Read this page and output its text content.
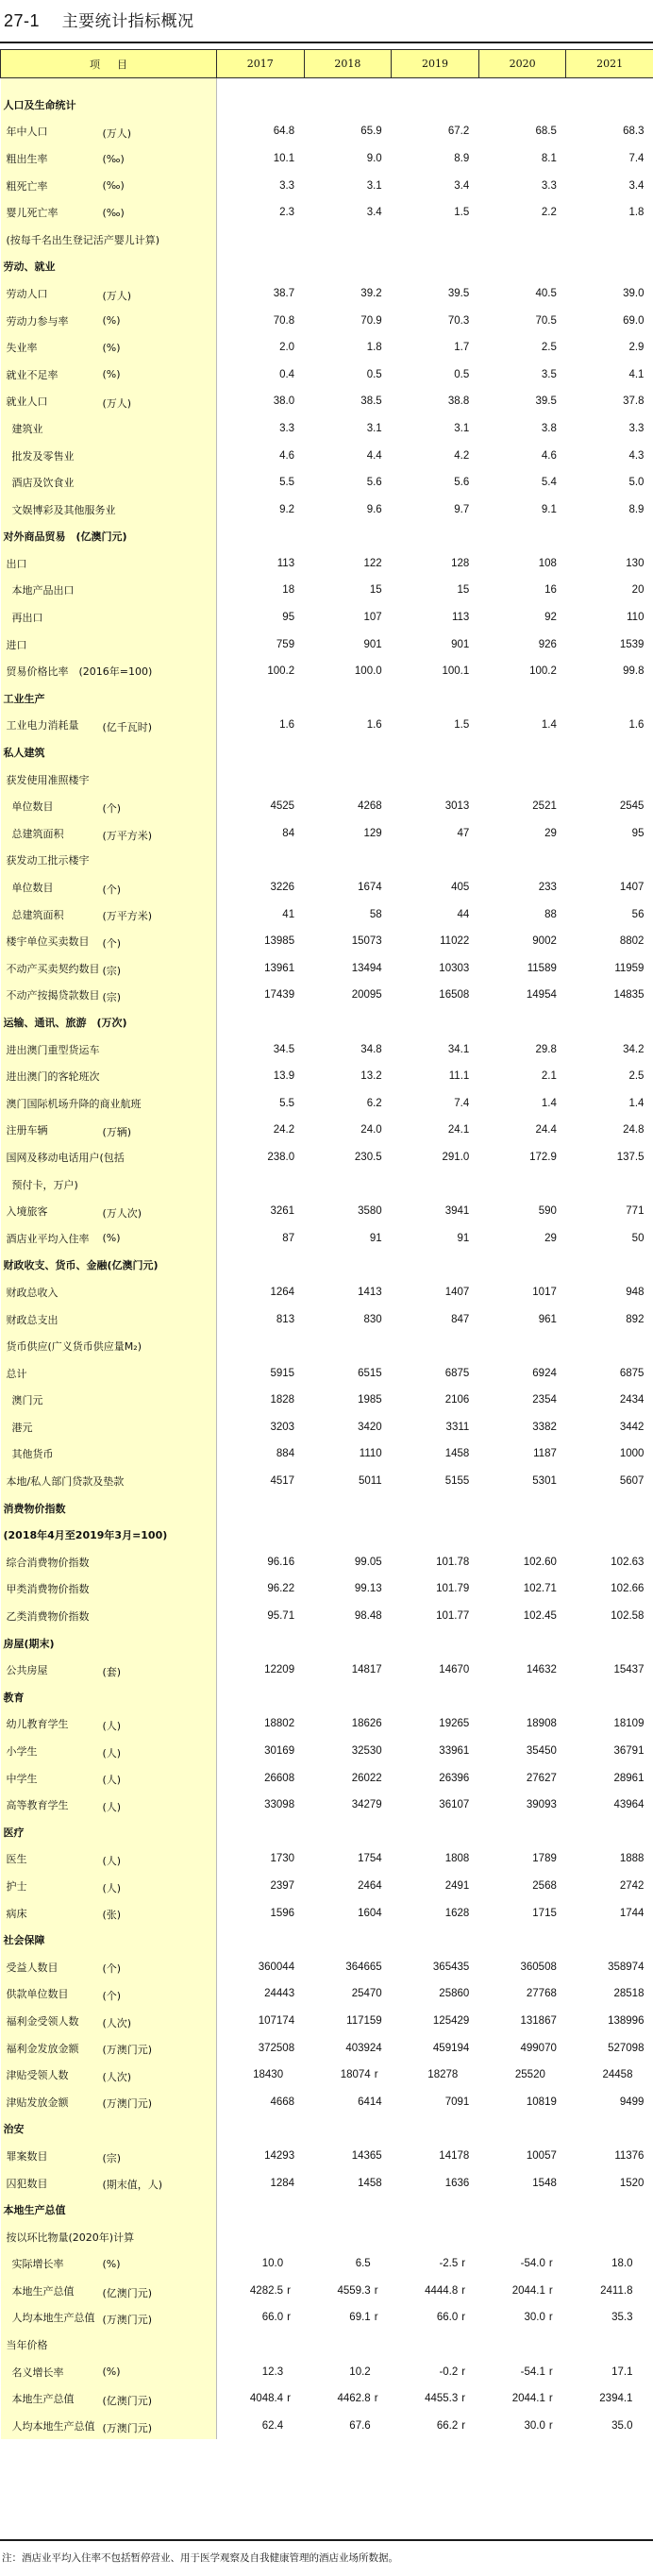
27-1 主要统计指标概况
项目	2017	2018	2019	2020	2021

人口及生命统计					
年中人口 (万人)	64.8	65.9	67.2	68.5	68.3
粗出生率 (‰)	10.1	9.0	8.9	8.1	7.4
粗死亡率 (‰)	3.3	3.1	3.4	3.3	3.4
婴儿死亡率 (‰)	2.3	3.4	1.5	2.2	1.8
(按每千名出生登记活产婴儿计算)					
劳动、就业					
劳动人口 (万人)	38.7	39.2	39.5	40.5	39.0
劳动力参与率 (%)	70.8	70.9	70.3	70.5	69.0
失业率 (%)	2.0	1.8	1.7	2.5	2.9
就业不足率 (%)	0.4	0.5	0.5	3.5	4.1
就业人口 (万人)	38.0	38.5	38.8	39.5	37.8
建筑业	3.3	3.1	3.1	3.8	3.3
批发及零售业	4.6	4.4	4.2	4.6	4.3
酒店及饮食业	5.5	5.6	5.6	5.4	5.0
文娱博彩及其他服务业	9.2	9.6	9.7	9.1	8.9
对外商品贸易　(亿澳门元)					
出口	113	122	128	108	130
本地产品出口	18	15	15	16	20
再出口	95	107	113	92	110
进口	759	901	901	926	1539
贸易价格比率　(2016年=100)	100.2	100.0	100.1	100.2	99.8
工业生产					
工业电力消耗量 (亿千瓦时)	1.6	1.6	1.5	1.4	1.6
私人建筑					
获发使用准照楼宇					
单位数目 (个)	4525	4268	3013	2521	2545
总建筑面积 (万平方米)	84	129	47	29	95
获发动工批示楼宇					
单位数目 (个)	3226	1674	405	233	1407
总建筑面积 (万平方米)	41	58	44	88	56
楼宇单位买卖数目 (个)	13985	15073	11022	9002	8802
不动产买卖契约数目 (宗)	13961	13494	10303	11589	11959
不动产按揭贷款数目 (宗)	17439	20095	16508	14954	14835
运输、通讯、旅游　(万次)					
进出澳门重型货运车	34.5	34.8	34.1	29.8	34.2
进出澳门的客轮班次	13.9	13.2	11.1	2.1	2.5
澳门国际机场升降的商业航班	5.5	6.2	7.4	1.4	1.4
注册车辆 (万辆)	24.2	24.0	24.1	24.4	24.8
国网及移动电话用户(包括	238.0	230.5	291.0	172.9	137.5
预付卡，万户)					
入境旅客 (万人次)	3261	3580	3941	590	771
酒店业平均入住率 (%)	87	91	91	29	50
财政收支、货币、金融(亿澳门元)					
财政总收入	1264	1413	1407	1017	948
财政总支出	813	830	847	961	892
货币供应(广义货币供应量M₂)					
总计	5915	6515	6875	6924	6875
澳门元	1828	1985	2106	2354	2434
港元	3203	3420	3311	3382	3442
其他货币	884	1110	1458	1187	1000
本地/私人部门贷款及垫款	4517	5011	5155	5301	5607
消费物价指数					
(2018年4月至2019年3月=100)					
综合消费物价指数	96.16	99.05	101.78	102.60	102.63
甲类消费物价指数	96.22	99.13	101.79	102.71	102.66
乙类消费物价指数	95.71	98.48	101.77	102.45	102.58
房屋(期末)					
公共房屋 (套)	12209	14817	14670	14632	15437
教育					
幼儿教育学生 (人)	18802	18626	19265	18908	18109
小学生 (人)	30169	32530	33961	35450	36791
中学生 (人)	26608	26022	26396	27627	28961
高等教育学生 (人)	33098	34279	36107	39093	43964
医疗					
医生 (人)	1730	1754	1808	1789	1888
护士 (人)	2397	2464	2491	2568	2742
病床 (张)	1596	1604	1628	1715	1744
社会保障					
受益人数目 (个)	360044	364665	365435	360508	358974
供款单位数目 (个)	24443	25470	25860	27768	28518
福利金受领人数 (人次)	107174	117159	125429	131867	138996
福利金发放金额 (万澳门元)	372508	403924	459194	499070	527098
津贴受领人数 (人次)	18430	18074 r	18278	25520	24458
津贴发放金额 (万澳门元)	4668	6414	7091	10819	9499
治安					
罪案数目 (宗)	14293	14365	14178	10057	11376
囚犯数目 (期末值，人)	1284	1458	1636	1548	1520
本地生产总值					
按以环比物量(2020年)计算					
实际增长率 (%)	10.0	6.5	-2.5 r	-54.0 r	18.0
本地生产总值 (亿澳门元)	4282.5 r	4559.3 r	4444.8 r	2044.1 r	2411.8
人均本地生产总值 (万澳门元)	66.0 r	69.1 r	66.0 r	30.0 r	35.3
当年价格					
名义增长率 (%)	12.3	10.2	-0.2 r	-54.1 r	17.1
本地生产总值 (亿澳门元)	4048.4 r	4462.8 r	4455.3 r	2044.1 r	2394.1
人均本地生产总值 (万澳门元)	62.4	67.6	66.2 r	30.0 r	35.0
注：酒店业平均入住率不包括暂停营业、用于医学观察及自我健康管理的酒店业场所数据。
